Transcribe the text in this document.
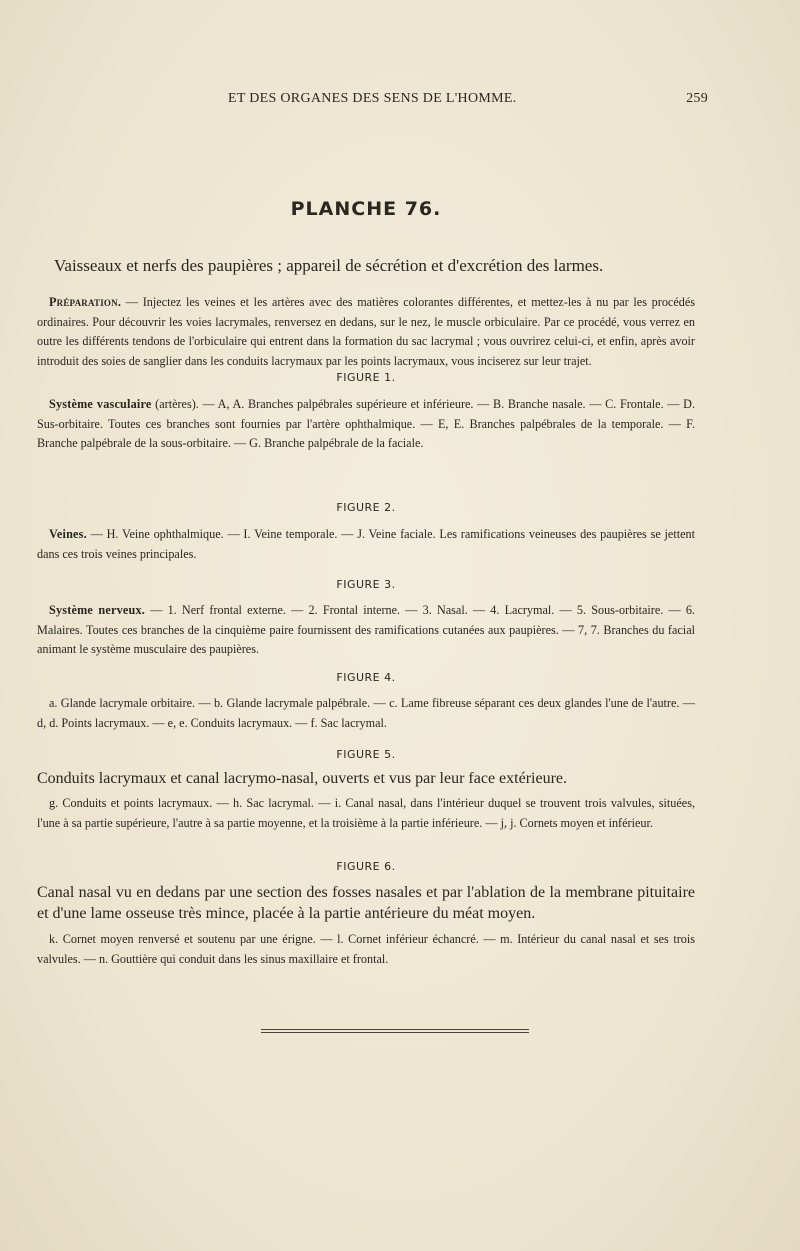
ET DES ORGANES DES SENS DE L'HOMME.	259
PLANCHE 76.
Vaisseaux et nerfs des paupières ; appareil de sécrétion et d'excrétion des larmes.

Préparation. — Injectez les veines et les artères avec des matières colorantes différentes, et mettez-les à nu par les procédés ordinaires. Pour découvrir les voies lacrymales, renversez en dedans, sur le nez, le muscle orbiculaire. Par ce procédé, vous verrez en outre les différents tendons de l'orbiculaire qui entrent dans la formation du sac lacrymal ; vous ouvrirez celui-ci, et enfin, après avoir introduit des soies de sanglier dans les conduits lacrymaux par les points lacrymaux, vous inciserez sur leur trajet.

FIGURE 1.

Système vasculaire (artères). — A, A. Branches palpébrales supérieure et inférieure. — B. Branche nasale. — C. Frontale. — D. Sus-orbitaire. Toutes ces branches sont fournies par l'artère ophthalmique. — E, E. Branches palpébrales de la temporale. — F. Branche palpébrale de la sous-orbitaire. — G. Branche palpébrale de la faciale.

FIGURE 2.

Veines. — H. Veine ophthalmique. — I. Veine temporale. — J. Veine faciale. Les ramifications veineuses des paupières se jettent dans ces trois veines principales.

FIGURE 3.

Système nerveux. — 1. Nerf frontal externe. — 2. Frontal interne. — 3. Nasal. — 4. Lacrymal. — 5. Sous-orbitaire. — 6. Malaires. Toutes ces branches de la cinquième paire fournissent des ramifications cutanées aux paupières. — 7, 7. Branches du facial animant le système musculaire des paupières.

FIGURE 4.

a. Glande lacrymale orbitaire. — b. Glande lacrymale palpébrale. — c. Lame fibreuse séparant ces deux glandes l'une de l'autre. — d, d. Points lacrymaux. — e, e. Conduits lacrymaux. — f. Sac lacrymal.

FIGURE 5.

Conduits lacrymaux et canal lacrymo-nasal, ouverts et vus par leur face extérieure.

g. Conduits et points lacrymaux. — h. Sac lacrymal. — i. Canal nasal, dans l'intérieur duquel se trouvent trois valvules, situées, l'une à sa partie supérieure, l'autre à sa partie moyenne, et la troisième à la partie inférieure. — j, j. Cornets moyen et inférieur.

FIGURE 6.

Canal nasal vu en dedans par une section des fosses nasales et par l'ablation de la membrane pituitaire et d'une lame osseuse très mince, placée à la partie antérieure du méat moyen.

k. Cornet moyen renversé et soutenu par une érigne. — l. Cornet inférieur échancré. — m. Intérieur du canal nasal et ses trois valvules. — n. Gouttière qui conduit dans les sinus maxillaire et frontal.
